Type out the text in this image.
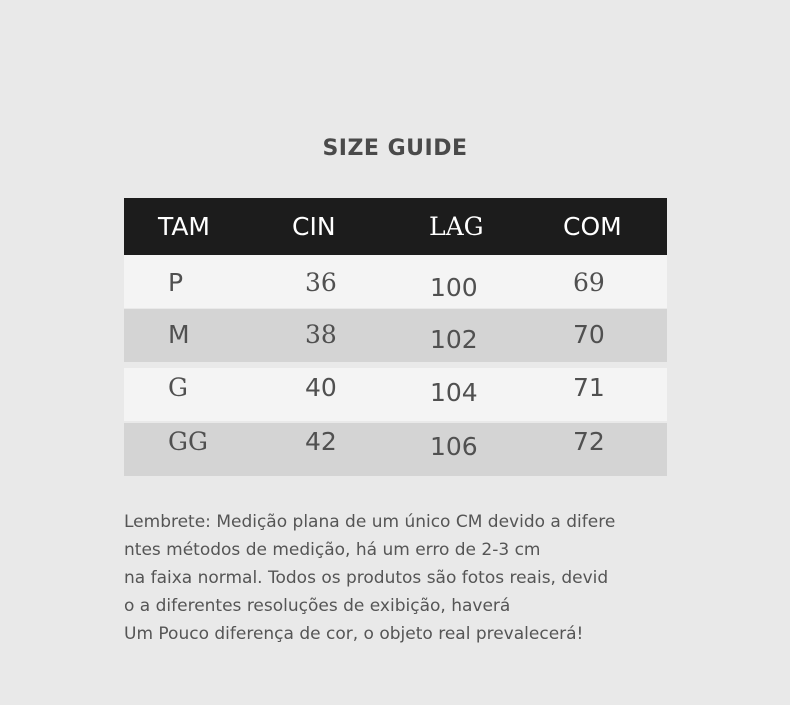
SIZE GUIDE
TAM	CIN	LAG	COM
P	36	100	69
M	38	102	70
G	40	104	71
GG	42	106	72
Lembrete: Medição plana de um único CM devido a difere
ntes métodos de medição, há um erro de 2-3 cm
na faixa normal. Todos os produtos são fotos reais, devid
o a diferentes resoluções de exibição, haverá
Um Pouco diferença de cor, o objeto real prevalecerá!
